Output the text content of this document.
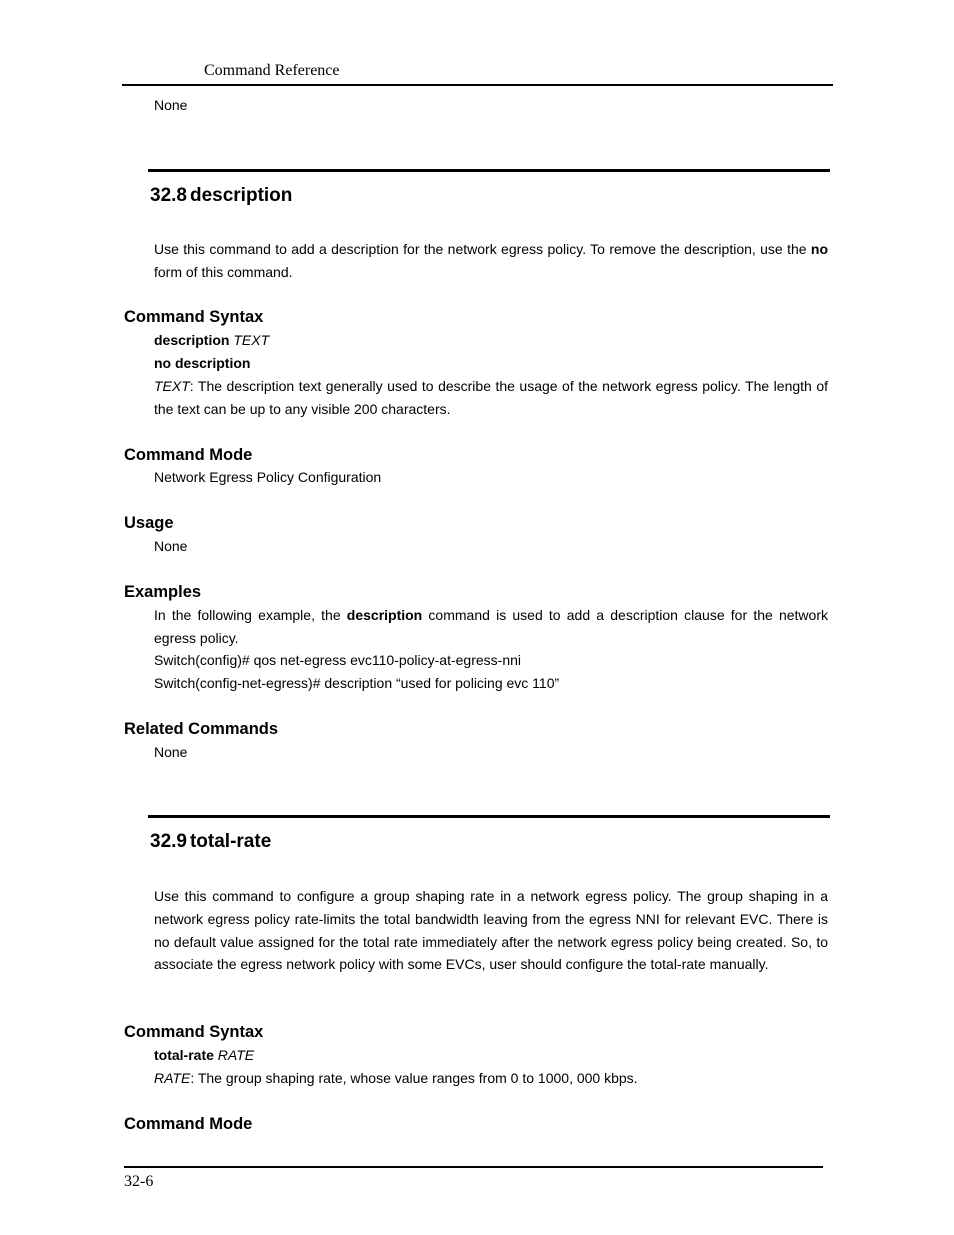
Command Reference

None

32.8 description

Use this command to add a description for the network egress policy. To remove the description, use the no form of this command.

Command Syntax

description TEXT

no description

TEXT: The description text generally used to describe the usage of the network egress policy. The length of the text can be up to any visible 200 characters.

Command Mode

Network Egress Policy Configuration

Usage

None

Examples

In the following example, the description command is used to add a description clause for the network egress policy.

Switch(config)# qos net-egress evc110-policy-at-egress-nni

Switch(config-net-egress)# description “used for policing evc 110”

Related Commands

None

32.9 total-rate

Use this command to configure a group shaping rate in a network egress policy. The group shaping in a network egress policy rate-limits the total bandwidth leaving from the egress NNI for relevant EVC. There is no default value assigned for the total rate immediately after the network egress policy being created. So, to associate the egress network policy with some EVCs, user should configure the total-rate manually.

Command Syntax

total-rate RATE

RATE: The group shaping rate, whose value ranges from 0 to 1000, 000 kbps.

Command Mode
32-6
